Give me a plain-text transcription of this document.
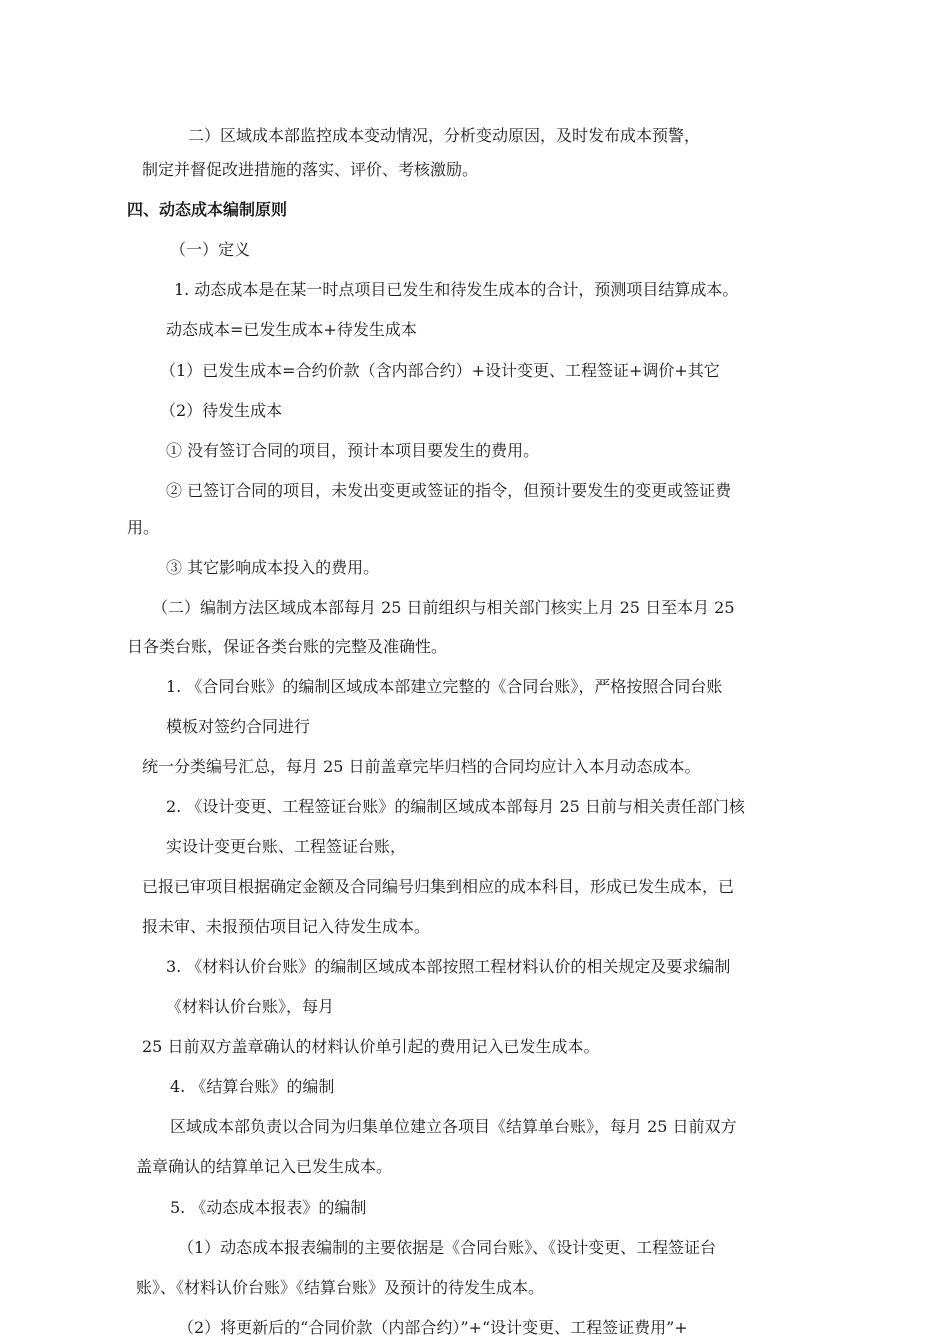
二）区域成本部监控成本变动情况，分析变动原因，及时发布成本预警，
制定并督促改进措施的落实、评价、考核激励。
四、动态成本编制原则
（一）定义
1. 动态成本是在某一时点项目已发生和待发生成本的合计，预测项目结算成本。
动态成本=已发生成本+待发生成本
（1）已发生成本=合约价款（含内部合约）+设计变更、工程签证+调价+其它
（2）待发生成本
① 没有签订合同的项目，预计本项目要发生的费用。
② 已签订合同的项目，未发出变更或签证的指令，但预计要发生的变更或签证费
用。
③ 其它影响成本投入的费用。
（二）编制方法区域成本部每月 25 日前组织与相关部门核实上月 25 日至本月 25
日各类台账，保证各类台账的完整及准确性。
1. 《合同台账》的编制区域成本部建立完整的《合同台账》，严格按照合同台账
模板对签约合同进行
统一分类编号汇总，每月 25 日前盖章完毕归档的合同均应计入本月动态成本。
2. 《设计变更、工程签证台账》的编制区域成本部每月 25 日前与相关责任部门核
实设计变更台账、工程签证台账，
已报已审项目根据确定金额及合同编号归集到相应的成本科目，形成已发生成本，已
报未审、未报预估项目记入待发生成本。
3. 《材料认价台账》的编制区域成本部按照工程材料认价的相关规定及要求编制
《材料认价台账》，每月
25 日前双方盖章确认的材料认价单引起的费用记入已发生成本。
4. 《结算台账》的编制
区域成本部负责以合同为归集单位建立各项目《结算单台账》，每月 25 日前双方
盖章确认的结算单记入已发生成本。
5. 《动态成本报表》的编制
（1）动态成本报表编制的主要依据是《合同台账》、《设计变更、工程签证台
账》、《材料认价台账》《结算台账》及预计的待发生成本。
（2）将更新后的“合同价款（内部合约）”+“设计变更、工程签证费用”+
